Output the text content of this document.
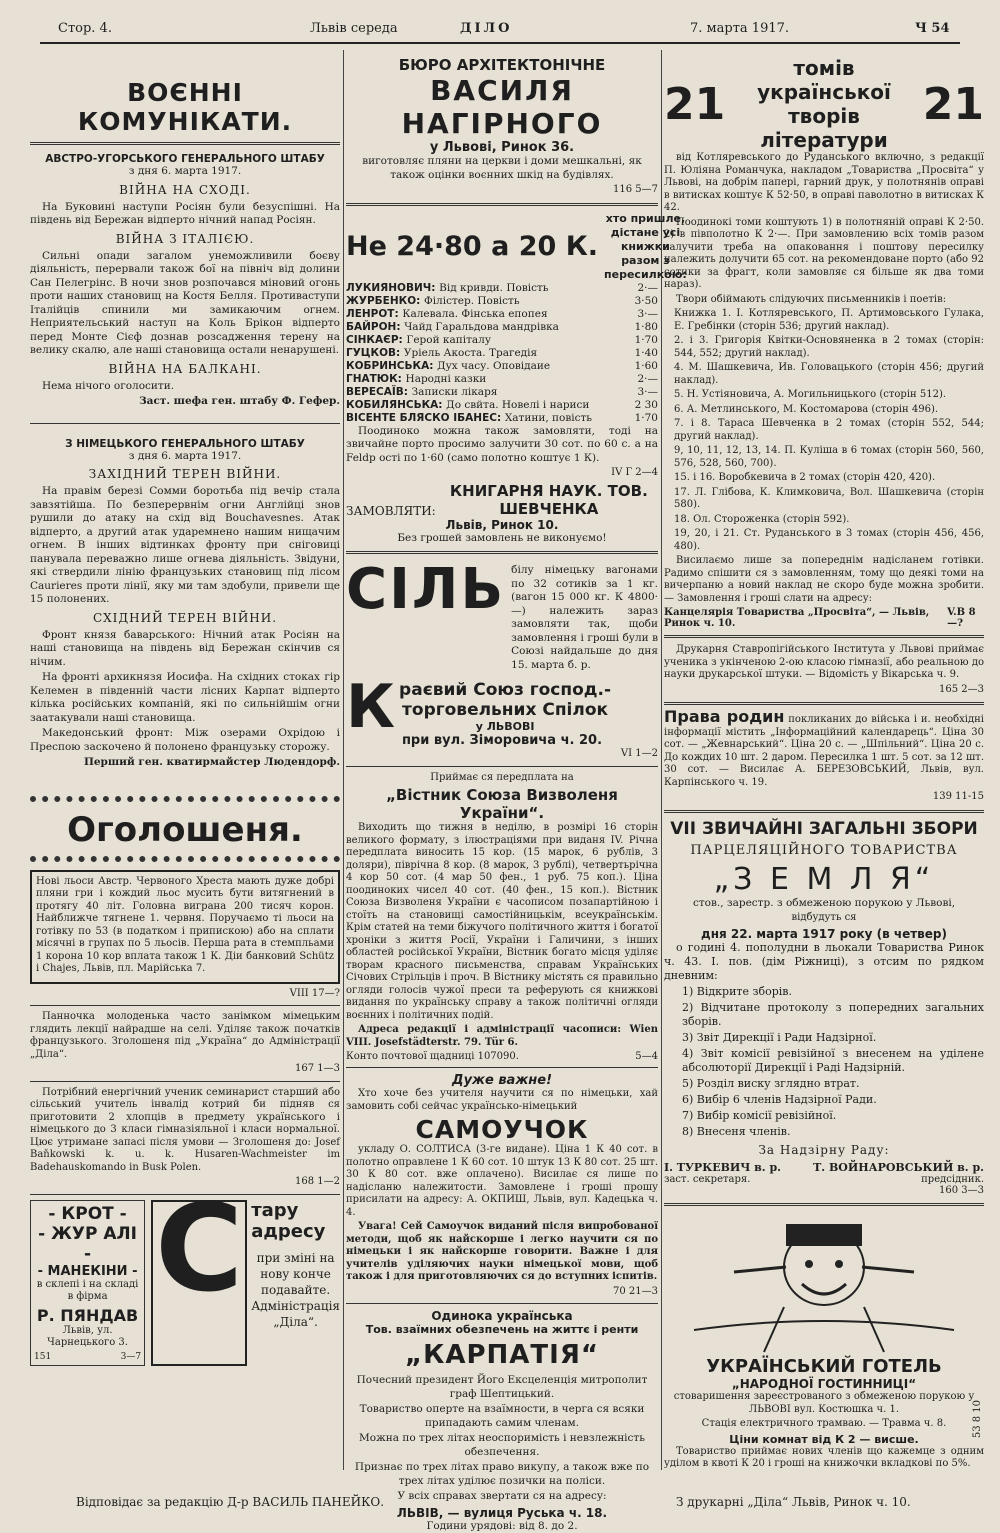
Стор. 4.	Львів середа	ДІЛО	7. марта 1917.	Ч 54
ВОЄННІ КОМУНІКАТИ.
АВСТРО-УГОРСЬКОГО ГЕНЕРАЛЬНОГО ШТАБУ

з дня 6. марта 1917.

ВІЙНА НА СХОДІ.

На Буковині наступи Росіян були безуспішні. На південь від Бережан відперто нічний напад Росіян.

ВІЙНА З ІТАЛІЄЮ.

Сильні опади загалом унеможливили боєву діяльність, перервали також бої на північ від долини Сан Пелегрінс. В ночи знов розпочався міновий огонь проти наших становищ на Костя Белля. Противаступи Італійців спинили ми замикаючим огнем. Неприятельський наступ на Коль Брікон відперто перед Монте Сієф дознав розсадження терену на велику скалю, але наші становища остали ненарушені.

ВІЙНА НА БАЛКАНІ.

Нема нічого оголосити.

Заст. шефа ген. штабу Ф. Гефер.

З НІМЕЦЬКОГО ГЕНЕРАЛЬНОГО ШТАБУ

з дня 6. марта 1917.

ЗАХІДНИЙ ТЕРЕН ВІЙНИ.

На правім березі Сомми боротьба під вечір стала завзятійша. По безперервнім огни Англійці знов рушили до атаку на схід від Bouchavesnes. Атак відперто, а другий атак ударемнено нашим нищачим огнем. В інших відтинках фронту при сніговиці панувала переважно лише огнева діяльність. Звідуни, які ствердили лінію французьких становищ під лісом Сaurieres проти лінії, яку ми там здобули, привели ще 15 полонених.

СХІДНИЙ ТЕРЕН ВІЙНИ.

Фронт князя баварського: Нічний атак Росіян на наші становища на південь від Бережан скінчив ся нічим.

На фронті архикнязя Иосифа. На східних стоках гір Келемен в південній части лісних Карпат відперто кілька російських компаній, які по сильнійшім огни заатакували наші становища.

Македонський фронт: Між озерами Охрідою і Преспою заскочено й полонено французьку сторожу.

Перший ген. кватирмайстер Людендорф.

Оголошеня.

Нові льоси Австр. Червоного Хреста мають дуже добрі пляни гри і кождий льос мусить бути витягнений в протягу 40 літ. Головна виграна 200 тисяч корон. Найближче тягнене 1. червня. Поручаємо ті льоси на готівку по 53 (в податком і припискою) або на сплати місячні в групах по 5 льосів. Перша рата в стемпльами 1 корона 10 кор вплата також 1 К. Діи банковий Schütz і Chajes, Львів, пл. Марійська 7.

VIII 17—?

Панночка молоденька часто занімком мімецьким глядить лекції найрадше на селі. Уділяє також початків французького. Зголошеня під „Україна“ до Адміністрації „Діла“.

167 1—3

Потрібний енергічний ученик семинарист старший або сільський учитель інвалід котрий би підняв ся приготовити 2 хлопців в предмету українського і німецького до 3 класи гімназіяльної і класи нормальної. Цює утримане запасі після умови — Зголошеня до: Josef Baňkowski k. u. k. Husaren-Wachmeister im Badehauskomando in Busk Polen.

168 1—2

- КРОТ -
- ЖУР АЛІ -
- МАНЕКІНИ -
в склепі і на складі в фірма
Р. ПЯНДАВ
Львів, ул. Чарнецького 3.
151	3—7
С тару адресу

при зміні на нову конче подавайте. Адміністрація „Діла“.

БЮРО АРХІТЕКТОНІЧНЕ
ВАСИЛЯ НАГІРНОГО
у Львові, Ринок 36.

виготовляє пляни на церкви і доми мешкальні, як також оцінки воєнних шкід на будівлях.

116 5—7

Не 24·80 а 20 К.
хто пришле, дістане усі книжки разом з пересилкою:
ЛУКИЯНОВИЧ: Від кривди. Повість	2·—
ЖУРБЕНКО: Філістер. Повість	3·50
ЛЕНРОТ: Калевала. Фінська епопея	3·—
БАЙРОН: Чайд Гаральдова мандрівка	1·80
СІНКАЄР: Герой капіталу	1·70
ГУЦКОВ: Уріель Акоста. Трагедія	1·40
КОБРИНСЬКА: Дух часу. Оповідаие	1·60
ГНАТЮК: Народні казки	2·—
ВЕРЕСАЇВ: Записки лікаря	3·—
КОБИЛЯНСЬКА: До свйта. Новелі і нариси	2 30
ВІСЕНТЕ БЛЯСКО ІБАНЕС: Хатини, повість	1·70

Поодиноко можна також замовляти, тоді на звичайне порто просимо залучити 30 сот. по 60 с. а на Feldp ості по 1·60 (само полотно коштує 1 К).

IV Г 2—4

ЗАМОВЛЯТИ:
КНИГАРНЯ НАУК. ТОВ. ШЕВЧЕНКА
Львів, Ринок 10.

Без грошей замовлень не виконуємо!

СІЛЬ білу німецьку вагонами по 32 сотиків за 1 кг. (вагон 15 000 кг. К 4800·—) належить зараз замовляти так, щоби замовлення і гроші були в Союзі найдальше до дня 15. марта б. р.

К раєвий Союз господ.-
торговельних Спілок
у ЛЬВОВІ
при вул. Зіморовича ч. 20.

VI 1—2

Приймає ся передплата на

„Вістник Союза Визволеня України“.

Виходить що тижня в неділю, в розмірі 16 сторін великого формату, з ілюстраціями при виданя IV. Річна передплата виносить 15 кор. (15 марок, 6 рублів, 3 доляри), піврічна 8 кор. (8 марок, 3 рублі), четвертьрічна 4 кор 50 сот. (4 мар 50 фен., 1 руб. 75 коп.). Ціна поодиноких чисел 40 сот. (40 фен., 15 коп.). Вістник Союза Визволеня України є часописом позапартійною і стоїть на становищі самостійницькім, всеукраїнськім. Крім статей на теми біжучого політичного життя і богатої хроніки з життя Росії, України і Галичини, з інших областей російської України, Вістник богато місця уділяє творам красного письменства, справам Українських Січових Стрільців і проч. В Вістнику містять ся правильно огляди голосів чужої преси та реферують ся книжкові видання по українську справу а також політичні огляди воєнних і політичних подій.

Адреса редакції і адміністрації часописи: Wien VIII. Josefstädterstr. 79. Tür 6.

Конто почтової щадниці 107090.	5—4
Дуже важне!

Хто хоче без учителя научити ся по німецьки, хай замовить собі сейчас українсько-німецький

САМОУЧОК

укладу О. СОЛТИСА (3-ге видане). Ціна 1 К 40 сот. в полотно оправлене 1 К 60 сот. 10 штук 13 К 80 сот. 25 шт. 30 К 80 сот. вже оплачено). Висилає ся лише по надісланю належитости. Замовлене і гроші прошу присилати на адресу: А. ОКПИШ, Львів, вул. Кадецька ч. 4.

Увага! Сей Самоучок виданий після випробованої методи, щоб як найскорше і легко научити ся по німецьки і як найскорше говорити. Важне і для учителів уділяючих науки німецької мови, щоб також і для приготовляючих ся до вступних іспитів.

70 21—3

Одинока українська
Тов. взаїмних обезпечень на життє і ренти
„КАРПАТІЯ“

Почесний президент Його Ексцеленція митрополит граф Шептицький.

Товариство оперте на взаїмности, в черга ся всяки припадають самим членам.

Можна по трех літах неоспоримість і невзлежність обезпечення.

Признає по трех літах право викупу, а також вже по трех літах уділює позички на поліси.

У всіх справах звертати ся на адресу:

ЛЬВІВ, — вулиця Руська ч. 18.

Години урядові: від 8. до 2.

21
томів української
творів літератури
21

від Котляревського до Руданського включно, з редакції П. Юліяна Романчука, накладом „Товариства „Просвіта“ у Львові, на добрім папері, гарний друк, у полотнянів оправі в витисках коштує К 52·50, в оправі паволотно в витисках К 42.

Поодинокі томи коштують 1) в полотняній оправі К 2·50. 2) в півполотно К 2·—. При замовлению всіх томів разом залучити треба на опаковання і поштову пересилку належить долучити 65 сот. на рекомендоване порто (або 92 сотики за фрагт, коли замовляє ся більше як два томи нараз).

Твори обіймають слідуючих письменників і поетів:

Книжка 1. І. Котляревського, П. Артимовського Гулака, Е. Гребінки (сторін 536; другий наклад).

2. і 3. Григорія Квітки-Основяненка в 2 томах (сторін: 544, 552; другий наклад).

4. М. Шашкевича, Ив. Головацького (сторін 456; другий наклад).

5. Н. Устіяновича, А. Могильницького (сторін 512).

6. А. Метлинського, М. Костомарова (сторін 496).

7. і 8. Тараса Шевченка в 2 томах (сторін 552, 544; другий наклад).

9, 10, 11, 12, 13, 14. П. Куліша в 6 томах (сторін 560, 560, 576, 528, 560, 700).

15. і 16. Воробкевича в 2 томах (сторін 420, 420).

17. Л. Глібова, К. Климковича, Вол. Шашкевича (сторін 580).

18. Ол. Стороженка (сторін 592).

19, 20, і 21. Ст. Руданського в 3 томах (сторін 456, 456, 480).

Висилаємо лише за попереднім надісланем готівки. Радимо спішити ся з замовленням, тому що деякі томи на вичерпаню а новий наклад не скоро буде можна зробити. — Замовлення і гроші слати на адресу:

Канцелярія Товариства „Просвіта“, — Львів, Ринок ч. 10.
V.В 8—?

Друкарня Ставропігійського Інститута у Львові приймає ученика з укінченою 2-ою класою гімназії, або реальною до науки друкарської штуки. — Відомість у Вікарська ч. 9.

165 2—3

Права родин покликаних до війська і и. необхідні інформації містить „Інформаційний календарець“. Ціна 30 сот. — „Жевнарський“. Ціна 20 с. — „Шпільний“. Ціна 20 с. До кождих 10 шт. 2 даром. Пересилка 1 шт. 5 сот. за 12 шт. 30 сот. — Висилає А. БЕРЕЗОВСЬКИЙ, Львів, вул. Карпінського ч. 19.

139 11-15

VII ЗВИЧАЙНІ ЗАГАЛЬНІ ЗБОРИ
ПАРЦЕЛЯЦІЙНОГО ТОВАРИСТВА
„З Е М Л Я“

стов., зарестр. з обмеженою порукою у Львові,

відбудуть ся

дня 22. марта 1917 року (в четвер)

о годині 4. пополудни в льокали Товариства Ринок ч. 43. І. пов. (дім Ріжниці), з отсим по рядком дневним:

1) Відкрите зборів.

2) Відчитане протоколу з попередних загальних зборів.

3) Звіт Дирекції і Ради Надзірної.

4) Звіт комісії ревізійної з внесенем на уділене абсолюторії Дирекції і Раді Надзірній.

5) Розділ виску згляднo втрат.

6) Вибір 6 членів Надзірної Ради.

7) Вибір комісії ревізійної.

8) Внесеня членів.

За Надзірну Раду:
І. ТУРКЕВИЧ в. р.	Т. ВОЙНАРОВСЬКИЙ в. р.
заст. секретаря.	предсідник.

160 3—3

УКРАЇНСЬКИЙ ГОТЕЛЬ
„НАРОДНОЇ ГОСТИННИЦІ“

стоваришення зареєстрованого з обмеженою порукою у ЛЬВОВІ вул. Костюшка ч. 1.

Стація електричного трамваю. — Травма ч. 8.

Ціни комнат від К 2 — висше.

Товариство приймає нових членів що кажемце з одним уділом в квоті К 20 і гроші на книжочки вкладкові по 5%.

53 8 10
Відповідає за редакцію Д-р ВАСИЛЬ ПАНЕЙКО.	З друкарні „Діла“ Львів, Ринок ч. 10.
